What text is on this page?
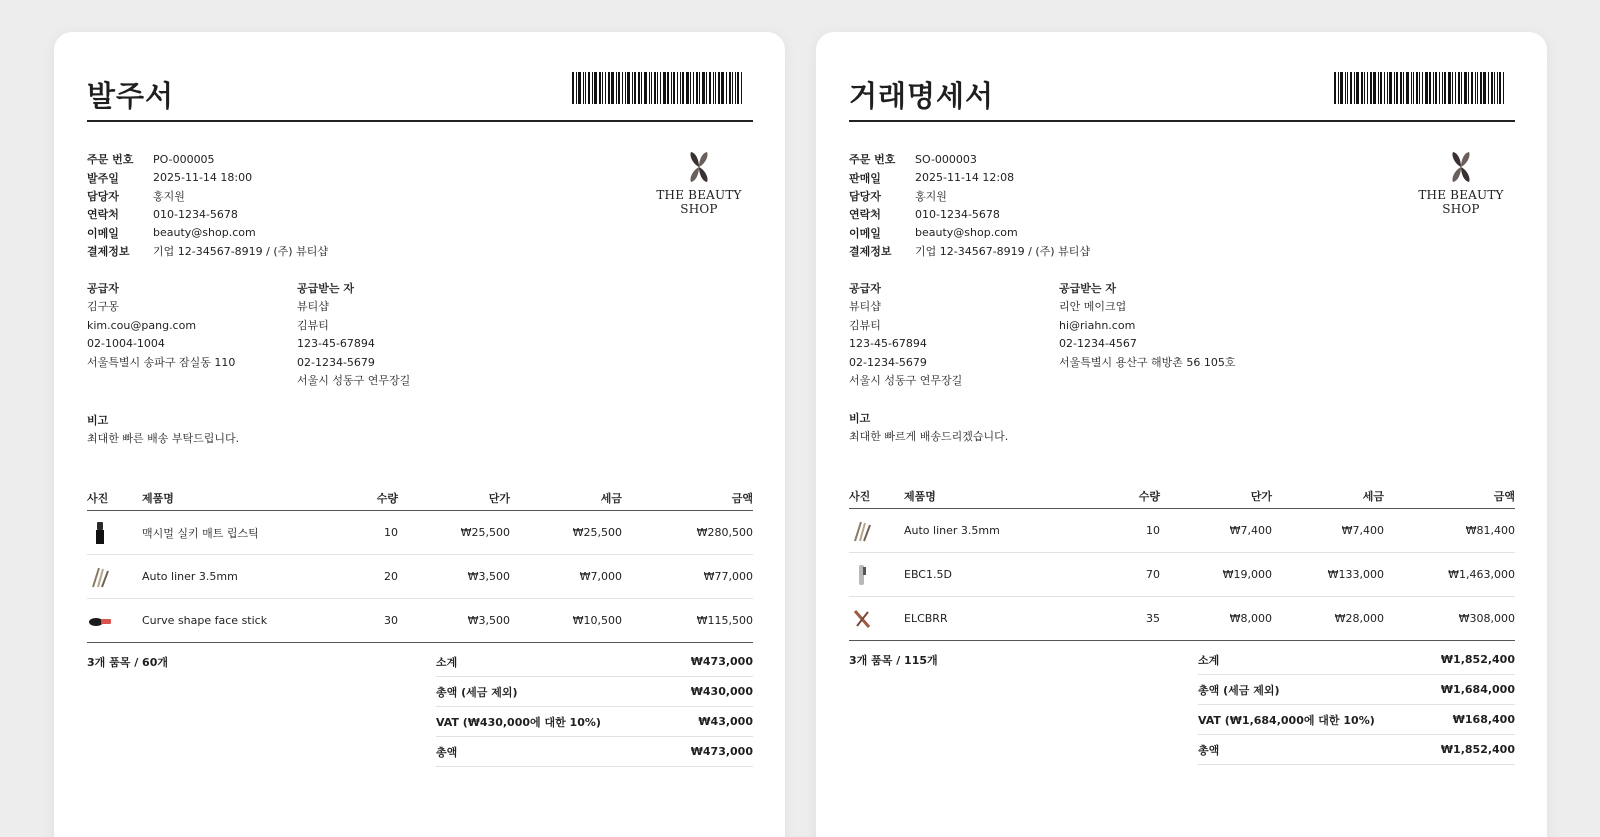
발주서
주문 번호	PO-000005
발주일	2025-11-14 18:00
담당자	홍지원
연락처	010-1234-5678
이메일	beauty@shop.com
결제정보	기업 12-34567-8919 / (주) 뷰티샵
THE BEAUTY SHOP
공급자
김구몽
kim.cou@pang.com
02-1004-1004
서울특별시 송파구 잠실동 110
공급받는 자
뷰티샵
김뷰티
123-45-67894
02-1234-5679
서울시 성동구 연무장길
비고
최대한 빠른 배송 부탁드립니다.
사진	제품명	수량	단가	세금	금액
맥시멀 실키 매트 립스틱	10	₩25,500	₩25,500	₩280,500
Auto liner 3.5mm	20	₩3,500	₩7,000	₩77,000
Curve shape face stick	30	₩3,500	₩10,500	₩115,500
3개 품목 / 60개	소계	₩473,000
총액 (세금 제외)	₩430,000
VAT (₩430,000에 대한 10%)	₩43,000
총액	₩473,000
거래명세서
주문 번호	SO-000003
판매일	2025-11-14 12:08
담당자	홍지원
연락처	010-1234-5678
이메일	beauty@shop.com
결제정보	기업 12-34567-8919 / (주) 뷰티샵
THE BEAUTY SHOP
공급자
뷰티샵
김뷰티
123-45-67894
02-1234-5679
서울시 성동구 연무장길
공급받는 자
리안 메이크업
hi@riahn.com
02-1234-4567
서울특별시 용산구 해방촌 56 105호
비고
최대한 빠르게 배송드리겠습니다.
사진	제품명	수량	단가	세금	금액
Auto liner 3.5mm	10	₩7,400	₩7,400	₩81,400
EBC1.5D	70	₩19,000	₩133,000	₩1,463,000
ELCBRR	35	₩8,000	₩28,000	₩308,000
3개 품목 / 115개	소계	₩1,852,400
총액 (세금 제외)	₩1,684,000
VAT (₩1,684,000에 대한 10%)	₩168,400
총액	₩1,852,400
